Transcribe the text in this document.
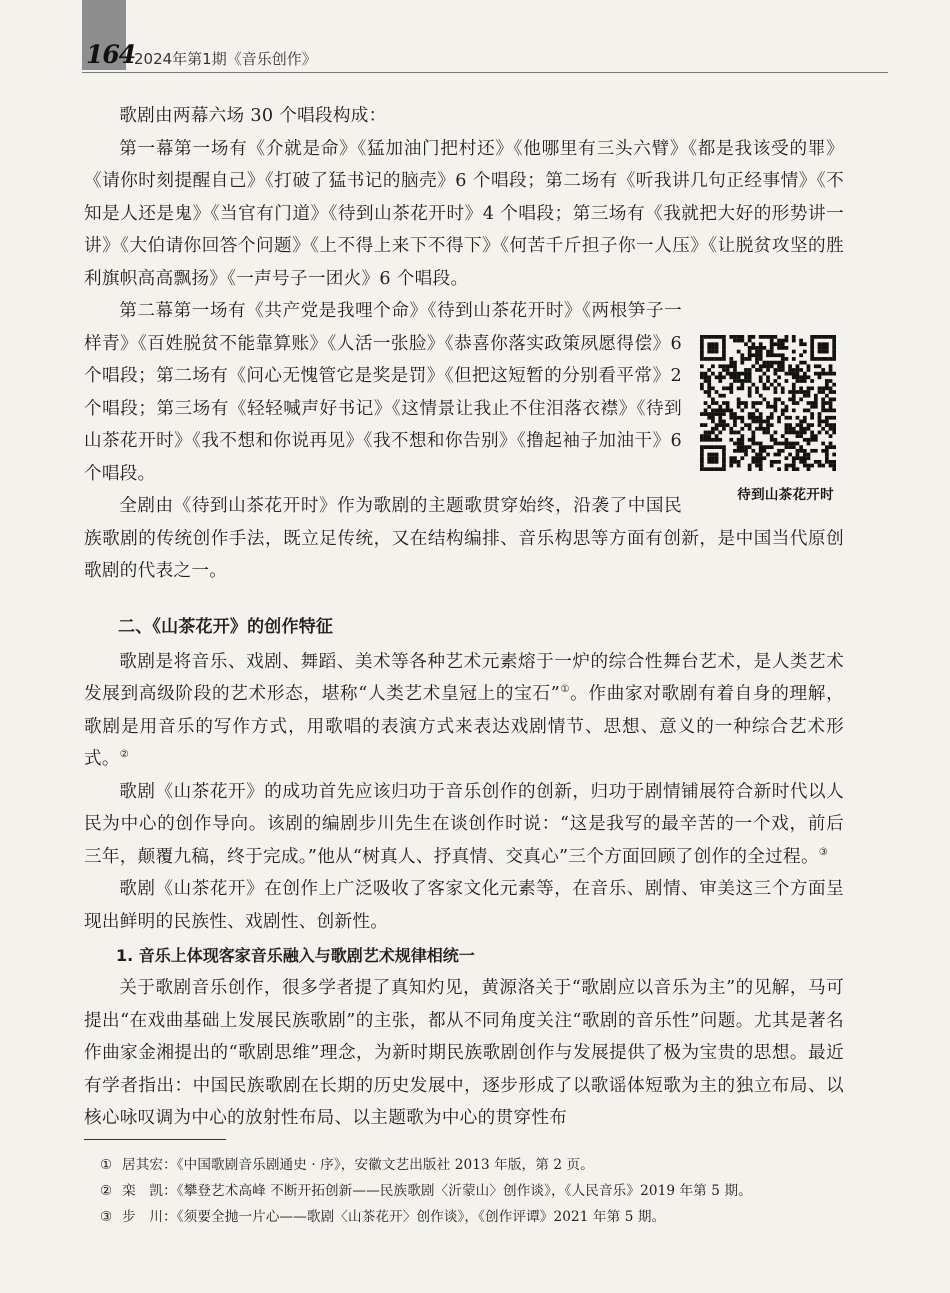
164
2024年第1期《音乐创作》

歌剧由两幕六场 30 个唱段构成：

第一幕第一场有《介就是命》《猛加油门把村还》《他哪里有三头六臂》《都是我该受的罪》《请你时刻提醒自己》《打破了猛书记的脑壳》6 个唱段；第二场有《听我讲几句正经事情》《不知是人还是鬼》《当官有门道》《待到山茶花开时》4 个唱段；第三场有《我就把大好的形势讲一讲》《大伯请你回答个问题》《上不得上来下不得下》《何苦千斤担子你一人压》《让脱贫攻坚的胜利旗帜高高飘扬》《一声号子一团火》6 个唱段。

待到山茶花开时
第二幕第一场有《共产党是我哩个命》《待到山茶花开时》《两根笋子一样青》《百姓脱贫不能靠算账》《人活一张脸》《恭喜你落实政策夙愿得偿》6 个唱段；第二场有《问心无愧管它是奖是罚》《但把这短暂的分别看平常》2 个唱段；第三场有《轻轻喊声好书记》《这情景让我止不住泪落衣襟》《待到山茶花开时》《我不想和你说再见》《我不想和你告别》《撸起袖子加油干》6 个唱段。

全剧由《待到山茶花开时》作为歌剧的主题歌贯穿始终，沿袭了中国民族歌剧的传统创作手法，既立足传统，又在结构编排、音乐构思等方面有创新，是中国当代原创歌剧的代表之一。

二、《山茶花开》的创作特征

歌剧是将音乐、戏剧、舞蹈、美术等各种艺术元素熔于一炉的综合性舞台艺术，是人类艺术发展到高级阶段的艺术形态，堪称“人类艺术皇冠上的宝石”①。作曲家对歌剧有着自身的理解，歌剧是用音乐的写作方式，用歌唱的表演方式来表达戏剧情节、思想、意义的一种综合艺术形式。②

歌剧《山茶花开》的成功首先应该归功于音乐创作的创新，归功于剧情铺展符合新时代以人民为中心的创作导向。该剧的编剧步川先生在谈创作时说：“这是我写的最辛苦的一个戏，前后三年，颠覆九稿，终于完成。”他从“树真人、抒真情、交真心”三个方面回顾了创作的全过程。③

歌剧《山茶花开》在创作上广泛吸收了客家文化元素等，在音乐、剧情、审美这三个方面呈现出鲜明的民族性、戏剧性、创新性。

1. 音乐上体现客家音乐融入与歌剧艺术规律相统一

关于歌剧音乐创作，很多学者提了真知灼见，黄源洛关于“歌剧应以音乐为主”的见解，马可提出“在戏曲基础上发展民族歌剧”的主张，都从不同角度关注“歌剧的音乐性”问题。尤其是著名作曲家金湘提出的“歌剧思维”理念，为新时期民族歌剧创作与发展提供了极为宝贵的思想。最近有学者指出：中国民族歌剧在长期的历史发展中，逐步形成了以歌谣体短歌为主的独立布局、以核心咏叹调为中心的放射性布局、以主题歌为中心的贯穿性布

① 居其宏：《中国歌剧音乐剧通史 · 序》，安徽文艺出版社 2013 年版，第 2 页。
② 栾　凯：《攀登艺术高峰 不断开拓创新——民族歌剧〈沂蒙山〉创作谈》，《人民音乐》2019 年第 5 期。
③ 步　川：《须要全抛一片心——歌剧〈山茶花开〉创作谈》，《创作评谭》2021 年第 5 期。
